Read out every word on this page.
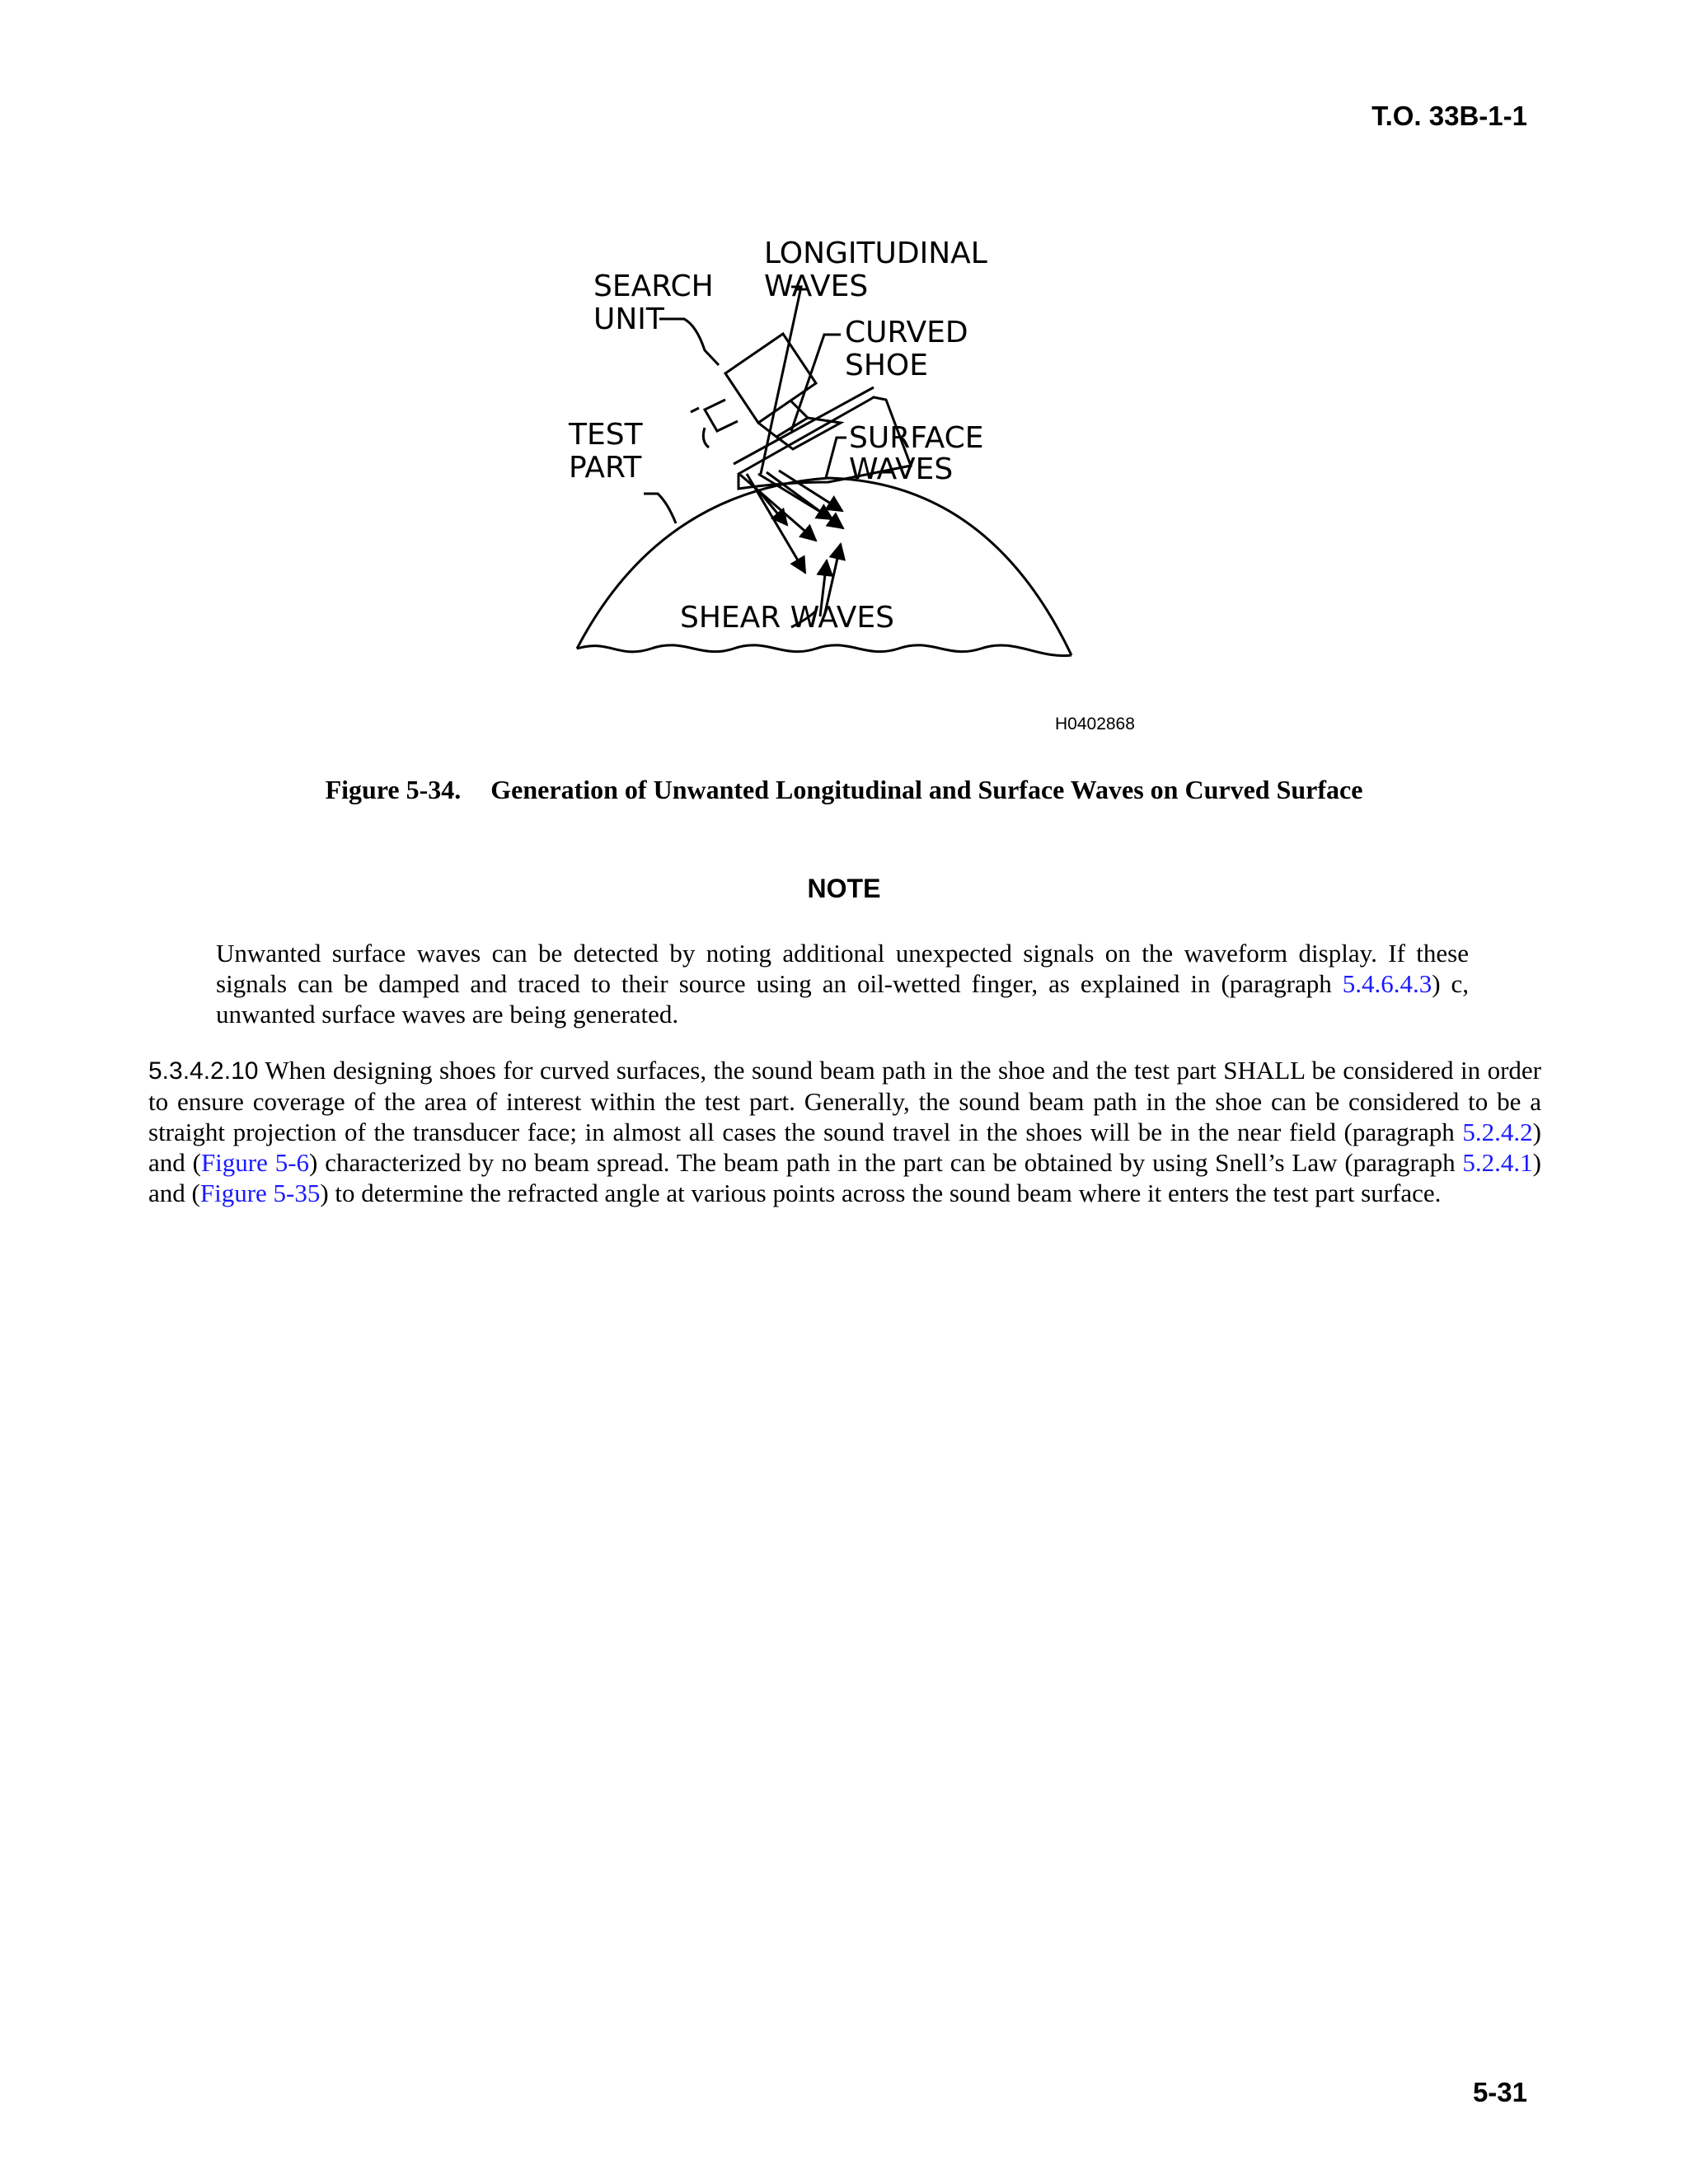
T.O. 33B-1-1
LONGITUDINAL
WAVES
SEARCH
UNIT	CURVED
SHOE
TEST
PART
SURFACE
WAVES
SHEAR WAVES
H0402868
Figure 5-34. Generation of Unwanted Longitudinal and Surface Waves on Curved Surface
NOTE
Unwanted surface waves can be detected by noting additional unexpected signals on the waveform display. If these signals can be damped and traced to their source using an oil-wetted finger, as explained in (paragraph 5.4.6.4.3) c, unwanted surface waves are being generated.
5.3.4.2.10 When designing shoes for curved surfaces, the sound beam path in the shoe and the test part SHALL be considered in order to ensure coverage of the area of interest within the test part. Generally, the sound beam path in the shoe can be considered to be a straight projection of the transducer face; in almost all cases the sound travel in the shoes will be in the near field (paragraph 5.2.4.2) and (Figure 5-6) characterized by no beam spread. The beam path in the part can be obtained by using Snell’s Law (paragraph 5.2.4.1) and (Figure 5-35) to determine the refracted angle at various points across the sound beam where it enters the test part surface.
5-31
